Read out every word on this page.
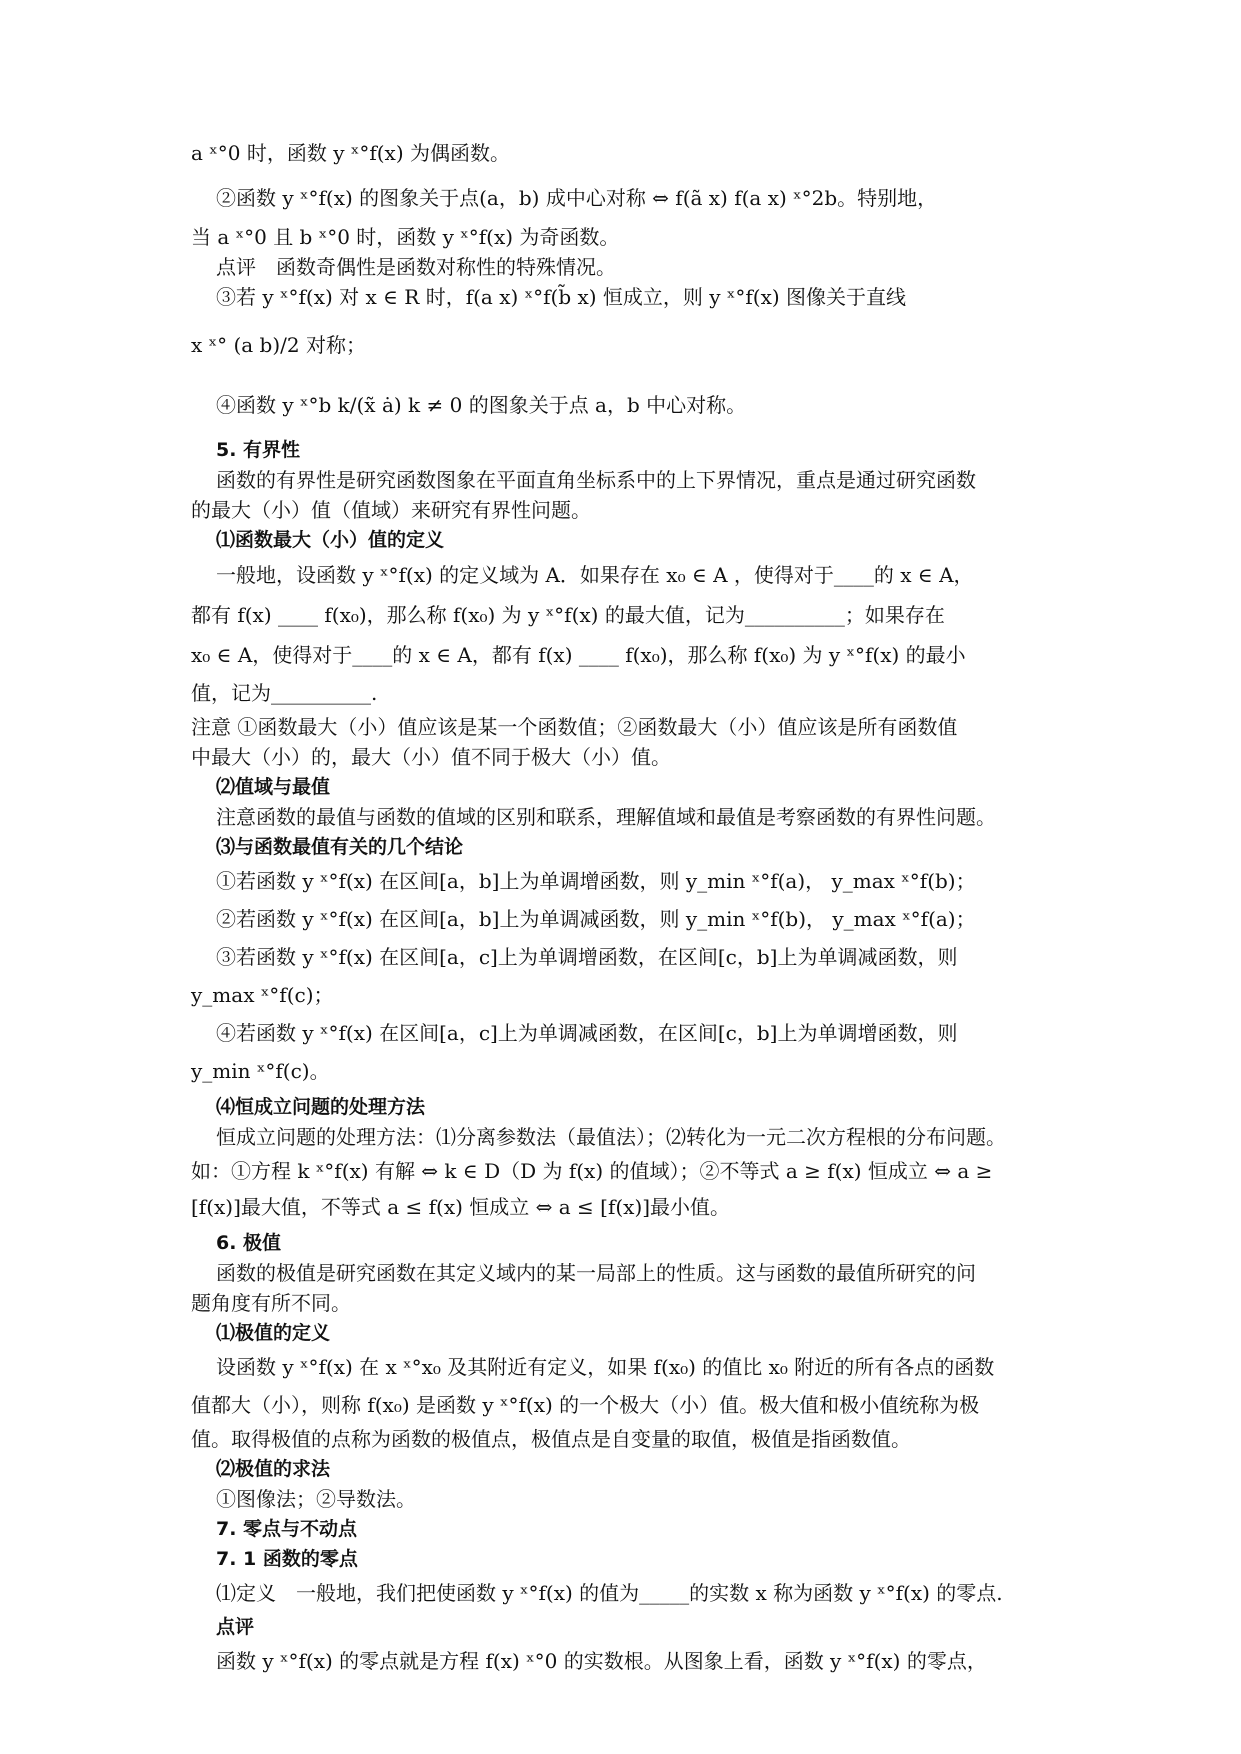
a ˣ°0 时，函数 y ˣ°f(x) 为偶函数。
②函数 y ˣ°f(x) 的图象关于点(a，b) 成中心对称 ⇔ f(ã x) f(a x) ˣ°2b。特别地，
当 a ˣ°0 且 b ˣ°0 时，函数 y ˣ°f(x) 为奇函数。
点评　函数奇偶性是函数对称性的特殊情况。
③若 y ˣ°f(x) 对 x ∈ R 时，f(a x) ˣ°f(b̃ x) 恒成立，则 y ˣ°f(x) 图像关于直线
x ˣ° (a b)/2 对称；
④函数 y ˣ°b k/(x̃ ȧ) k ≠ 0 的图象关于点 a，b 中心对称。
5. 有界性
函数的有界性是研究函数图象在平面直角坐标系中的上下界情况，重点是通过研究函数
的最大（小）值（值域）来研究有界性问题。
⑴函数最大（小）值的定义
一般地，设函数 y ˣ°f(x) 的定义域为 A．如果存在 x₀ ∈ A ，使得对于____的 x ∈ A，
都有 f(x) ____ f(x₀)，那么称 f(x₀) 为 y ˣ°f(x) 的最大值，记为__________；如果存在
x₀ ∈ A，使得对于____的 x ∈ A，都有 f(x) ____ f(x₀)，那么称 f(x₀) 为 y ˣ°f(x) 的最小
值，记为__________.
注意 ①函数最大（小）值应该是某一个函数值；②函数最大（小）值应该是所有函数值
中最大（小）的，最大（小）值不同于极大（小）值。
⑵值域与最值
注意函数的最值与函数的值域的区别和联系，理解值域和最值是考察函数的有界性问题。
⑶与函数最值有关的几个结论
①若函数 y ˣ°f(x) 在区间[a，b]上为单调增函数，则 y_min ˣ°f(a)， y_max ˣ°f(b)；
②若函数 y ˣ°f(x) 在区间[a，b]上为单调减函数，则 y_min ˣ°f(b)， y_max ˣ°f(a)；
③若函数 y ˣ°f(x) 在区间[a，c]上为单调增函数，在区间[c，b]上为单调减函数，则
y_max ˣ°f(c)；
④若函数 y ˣ°f(x) 在区间[a，c]上为单调减函数，在区间[c，b]上为单调增函数，则
y_min ˣ°f(c)。
⑷恒成立问题的处理方法
恒成立问题的处理方法：⑴分离参数法（最值法）；⑵转化为一元二次方程根的分布问题。
如：①方程 k ˣ°f(x) 有解 ⇔ k ∈ D（D 为 f(x) 的值域）；②不等式 a ≥ f(x) 恒成立 ⇔ a ≥
[f(x)]最大值，不等式 a ≤ f(x) 恒成立 ⇔ a ≤ [f(x)]最小值。
6. 极值
函数的极值是研究函数在其定义域内的某一局部上的性质。这与函数的最值所研究的问
题角度有所不同。
⑴极值的定义
设函数 y ˣ°f(x) 在 x ˣ°x₀ 及其附近有定义，如果 f(x₀) 的值比 x₀ 附近的所有各点的函数
值都大（小），则称 f(x₀) 是函数 y ˣ°f(x) 的一个极大（小）值。极大值和极小值统称为极
值。取得极值的点称为函数的极值点，极值点是自变量的取值，极值是指函数值。
⑵极值的求法
①图像法；②导数法。
7. 零点与不动点
7. 1 函数的零点
⑴定义　一般地，我们把使函数 y ˣ°f(x) 的值为_____的实数 x 称为函数 y ˣ°f(x) 的零点.
点评
函数 y ˣ°f(x) 的零点就是方程 f(x) ˣ°0 的实数根。从图象上看，函数 y ˣ°f(x) 的零点，
